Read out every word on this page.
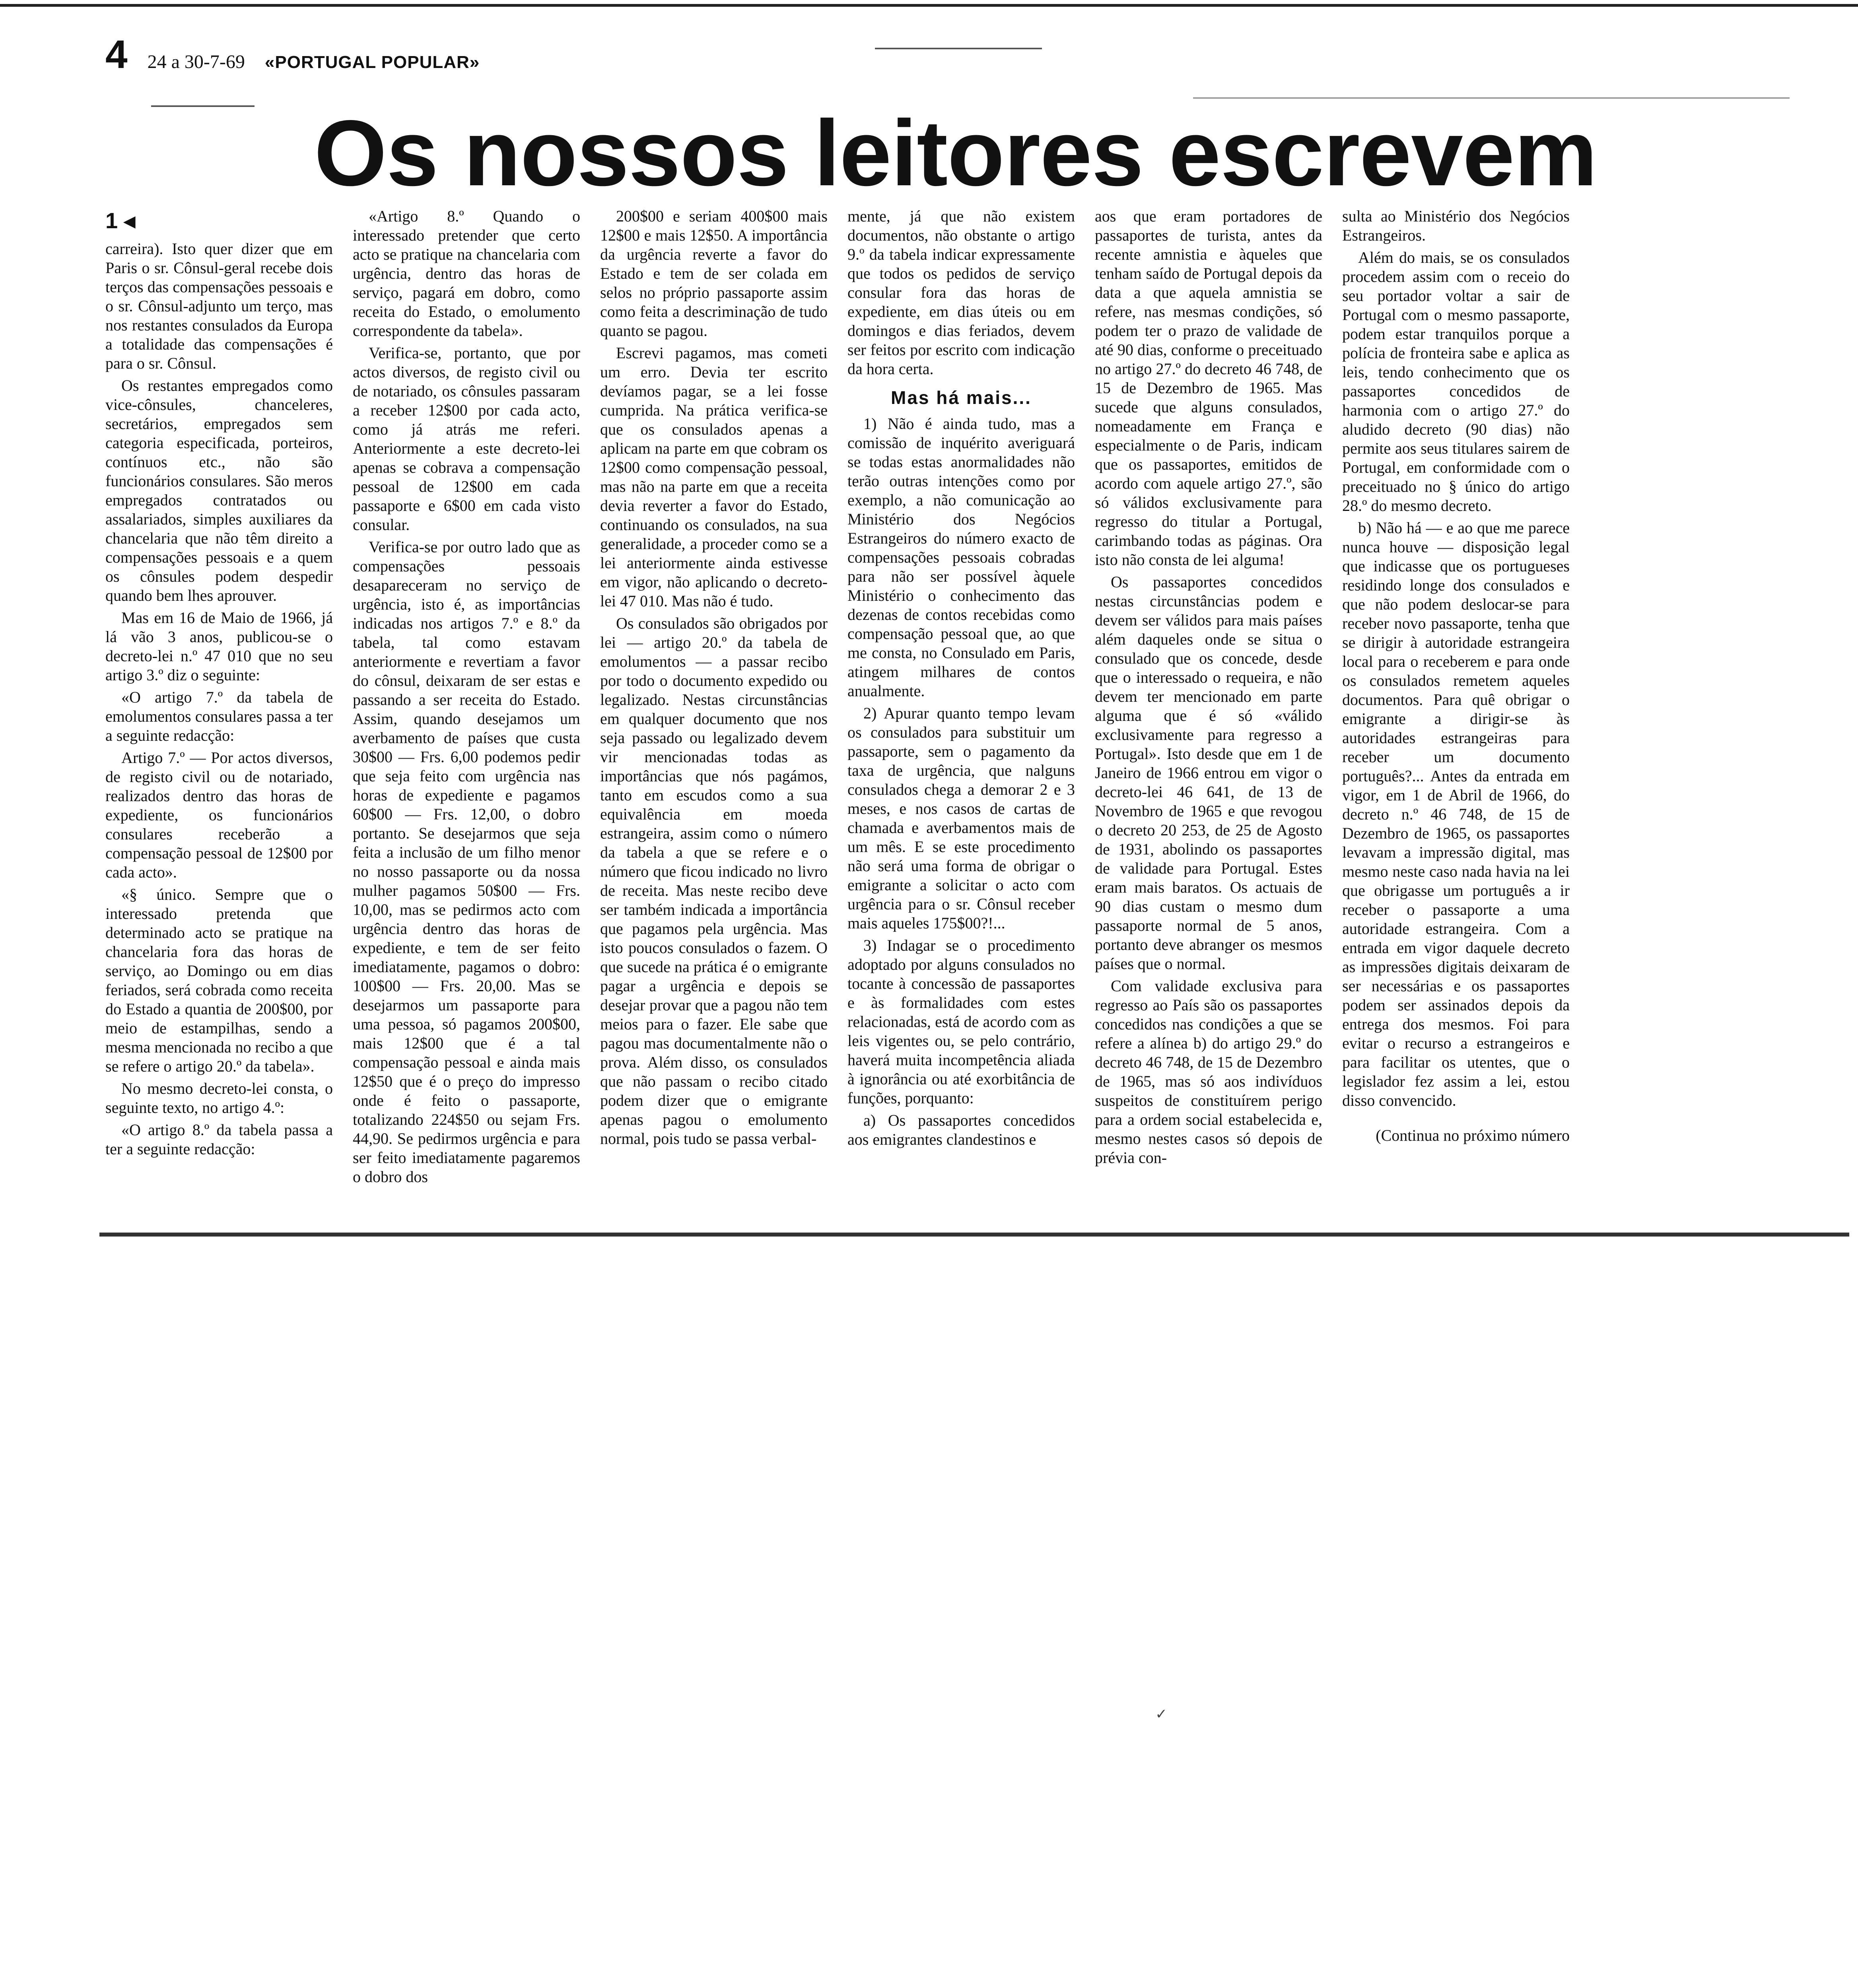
4 24 a 30-7-69 «PORTUGAL POPULAR»
Os nossos leitores escrevem
1 ◂

carreira). Isto quer dizer que em Paris o sr. Cônsul-geral recebe dois terços das compensações pessoais e o sr. Cônsul-adjunto um terço, mas nos restantes consulados da Europa a totalidade das compensações é para o sr. Cônsul.

Os restantes empregados como vice-cônsules, chanceleres, secretários, empregados sem categoria especificada, porteiros, contínuos etc., não são funcionários consulares. São meros empregados contratados ou assalariados, simples auxiliares da chancelaria que não têm direito a compensações pessoais e a quem os cônsules podem despedir quando bem lhes aprouver.

Mas em 16 de Maio de 1966, já lá vão 3 anos, publicou-se o decreto-lei n.º 47 010 que no seu artigo 3.º diz o seguinte:

«O artigo 7.º da tabela de emolumentos consulares passa a ter a seguinte redacção:

Artigo 7.º — Por actos diversos, de registo civil ou de notariado, realizados dentro das horas de expediente, os funcionários consulares receberão a compensação pessoal de 12$00 por cada acto».

«§ único. Sempre que o interessado pretenda que determinado acto se pratique na chancelaria fora das horas de serviço, ao Domingo ou em dias feriados, será cobrada como receita do Estado a quantia de 200$00, por meio de estampilhas, sendo a mesma mencionada no recibo a que se refere o artigo 20.º da tabela».

No mesmo decreto-lei consta, o seguinte texto, no artigo 4.º:

«O artigo 8.º da tabela passa a ter a seguinte redacção:

«Artigo 8.º Quando o interessado pretender que certo acto se pratique na chancelaria com urgência, dentro das horas de serviço, pagará em dobro, como receita do Estado, o emolumento correspondente da tabela».

Verifica-se, portanto, que por actos diversos, de registo civil ou de notariado, os cônsules passaram a receber 12$00 por cada acto, como já atrás me referi. Anteriormente a este decreto-lei apenas se cobrava a compensação pessoal de 12$00 em cada passaporte e 6$00 em cada visto consular.

Verifica-se por outro lado que as compensações pessoais desapareceram no serviço de urgência, isto é, as importâncias indicadas nos artigos 7.º e 8.º da tabela, tal como estavam anteriormente e revertiam a favor do cônsul, deixaram de ser estas e passando a ser receita do Estado. Assim, quando desejamos um averbamento de países que custa 30$00 — Frs. 6,00 podemos pedir que seja feito com urgência nas horas de expediente e pagamos 60$00 — Frs. 12,00, o dobro portanto. Se desejarmos que seja feita a inclusão de um filho menor no nosso passaporte ou da nossa mulher pagamos 50$00 — Frs. 10,00, mas se pedirmos acto com urgência dentro das horas de expediente, e tem de ser feito imediatamente, pagamos o dobro: 100$00 — Frs. 20,00. Mas se desejarmos um passaporte para uma pessoa, só pagamos 200$00, mais 12$00 que é a tal compensação pessoal e ainda mais 12$50 que é o preço do impresso onde é feito o passaporte, totalizando 224$50 ou sejam Frs. 44,90. Se pedirmos urgência e para ser feito imediatamente pagaremos o dobro dos

200$00 e seriam 400$00 mais 12$00 e mais 12$50. A importância da urgência reverte a favor do Estado e tem de ser colada em selos no próprio passaporte assim como feita a descriminação de tudo quanto se pagou.

Escrevi pagamos, mas cometi um erro. Devia ter escrito devíamos pagar, se a lei fosse cumprida. Na prática verifica-se que os consulados apenas a aplicam na parte em que cobram os 12$00 como compensação pessoal, mas não na parte em que a receita devia reverter a favor do Estado, continuando os consulados, na sua generalidade, a proceder como se a lei anteriormente ainda estivesse em vigor, não aplicando o decreto-lei 47 010. Mas não é tudo.

Os consulados são obrigados por lei — artigo 20.º da tabela de emolumentos — a passar recibo por todo o documento expedido ou legalizado. Nestas circunstâncias em qualquer documento que nos seja passado ou legalizado devem vir mencionadas todas as importâncias que nós pagámos, tanto em escudos como a sua equivalência em moeda estrangeira, assim como o número da tabela a que se refere e o número que ficou indicado no livro de receita. Mas neste recibo deve ser também indicada a importância que pagamos pela urgência. Mas isto poucos consulados o fazem. O que sucede na prática é o emigrante pagar a urgência e depois se desejar provar que a pagou não tem meios para o fazer. Ele sabe que pagou mas documentalmente não o prova. Além disso, os consulados que não passam o recibo citado podem dizer que o emigrante apenas pagou o emolumento normal, pois tudo se passa verbal-

mente, já que não existem documentos, não obstante o artigo 9.º da tabela indicar expressamente que todos os pedidos de serviço consular fora das horas de expediente, em dias úteis ou em domingos e dias feriados, devem ser feitos por escrito com indicação da hora certa.

Mas há mais...

1) Não é ainda tudo, mas a comissão de inquérito averiguará se todas estas anormalidades não terão outras intenções como por exemplo, a não comunicação ao Ministério dos Negócios Estrangeiros do número exacto de compensações pessoais cobradas para não ser possível àquele Ministério o conhecimento das dezenas de contos recebidas como compensação pessoal que, ao que me consta, no Consulado em Paris, atingem milhares de contos anualmente.

2) Apurar quanto tempo levam os consulados para substituir um passaporte, sem o pagamento da taxa de urgência, que nalguns consulados chega a demorar 2 e 3 meses, e nos casos de cartas de chamada e averbamentos mais de um mês. E se este procedimento não será uma forma de obrigar o emigrante a solicitar o acto com urgência para o sr. Cônsul receber mais aqueles 175$00?!...

3) Indagar se o procedimento adoptado por alguns consulados no tocante à concessão de passaportes e às formalidades com estes relacionadas, está de acordo com as leis vigentes ou, se pelo contrário, haverá muita incompetência aliada à ignorância ou até exorbitância de funções, porquanto:

a) Os passaportes concedidos aos emigrantes clandestinos e

aos que eram portadores de passaportes de turista, antes da recente amnistia e àqueles que tenham saído de Portugal depois da data a que aquela amnistia se refere, nas mesmas condições, só podem ter o prazo de validade de até 90 dias, conforme o preceituado no artigo 27.º do decreto 46 748, de 15 de Dezembro de 1965. Mas sucede que alguns consulados, nomeadamente em França e especialmente o de Paris, indicam que os passaportes, emitidos de acordo com aquele artigo 27.º, são só válidos exclusivamente para regresso do titular a Portugal, carimbando todas as páginas. Ora isto não consta de lei alguma!

Os passaportes concedidos nestas circunstâncias podem e devem ser válidos para mais países além daqueles onde se situa o consulado que os concede, desde que o interessado o requeira, e não devem ter mencionado em parte alguma que é só «válido exclusivamente para regresso a Portugal». Isto desde que em 1 de Janeiro de 1966 entrou em vigor o decreto-lei 46 641, de 13 de Novembro de 1965 e que revogou o decreto 20 253, de 25 de Agosto de 1931, abolindo os passaportes de validade para Portugal. Estes eram mais baratos. Os actuais de 90 dias custam o mesmo dum passaporte normal de 5 anos, portanto deve abranger os mesmos países que o normal.

Com validade exclusiva para regresso ao País são os passaportes concedidos nas condições a que se refere a alínea b) do artigo 29.º do decreto 46 748, de 15 de Dezembro de 1965, mas só aos indivíduos suspeitos de constituírem perigo para a ordem social estabelecida e, mesmo nestes casos só depois de prévia con-

sulta ao Ministério dos Negócios Estrangeiros.

Além do mais, se os consulados procedem assim com o receio do seu portador voltar a sair de Portugal com o mesmo passaporte, podem estar tranquilos porque a polícia de fronteira sabe e aplica as leis, tendo conhecimento que os passaportes concedidos de harmonia com o artigo 27.º do aludido decreto (90 dias) não permite aos seus titulares sairem de Portugal, em conformidade com o preceituado no § único do artigo 28.º do mesmo decreto.

b) Não há — e ao que me parece nunca houve — disposição legal que indicasse que os portugueses residindo longe dos consulados e que não podem deslocar-se para receber novo passaporte, tenha que se dirigir à autoridade estrangeira local para o receberem e para onde os consulados remetem aqueles documentos. Para quê obrigar o emigrante a dirigir-se às autoridades estrangeiras para receber um documento português?... Antes da entrada em vigor, em 1 de Abril de 1966, do decreto n.º 46 748, de 15 de Dezembro de 1965, os passaportes levavam a impressão digital, mas mesmo neste caso nada havia na lei que obrigasse um português a ir receber o passaporte a uma autoridade estrangeira. Com a entrada em vigor daquele decreto as impressões digitais deixaram de ser necessárias e os passaportes podem ser assinados depois da entrega dos mesmos. Foi para evitar o recurso a estrangeiros e para facilitar os utentes, que o legislador fez assim a lei, estou disso convencido.

(Continua no próximo número
✓
